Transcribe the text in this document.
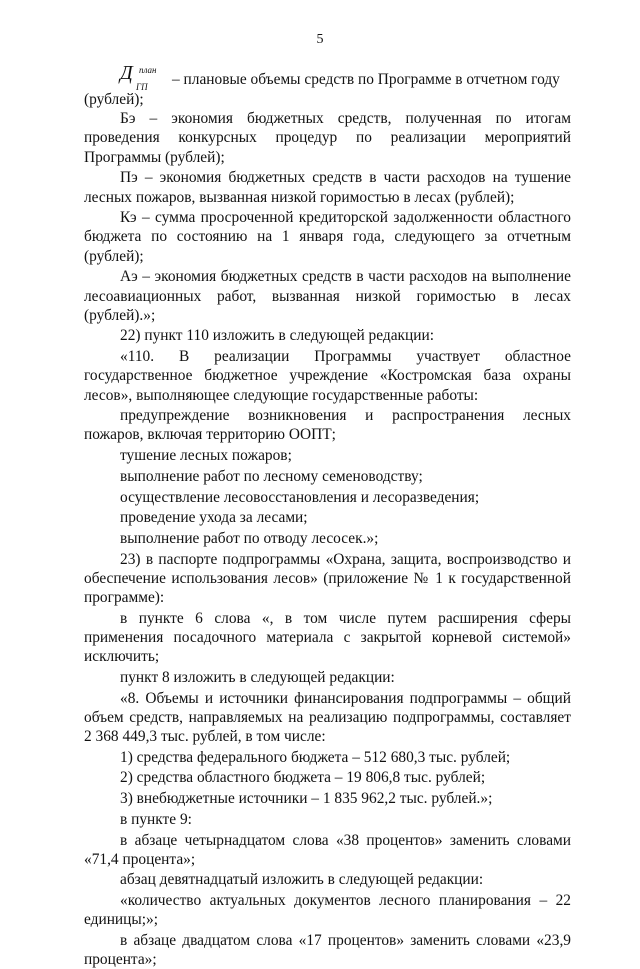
5
Д план
ГП – плановые объемы средств по Программе в отчетном году

(рублей);

Бэ – экономия бюджетных средств, полученная по итогам проведения конкурсных процедур по реализации мероприятий Программы (рублей);

Пэ – экономия бюджетных средств в части расходов на тушение лесных пожаров, вызванная низкой горимостью в лесах (рублей);

Кэ – сумма просроченной кредиторской задолженности областного бюджета по состоянию на 1 января года, следующего за отчетным (рублей);

Аэ – экономия бюджетных средств в части расходов на выполнение лесоавиационных работ, вызванная низкой горимостью в лесах (рублей).»;

22) пункт 110 изложить в следующей редакции:

«110. В реализации Программы участвует областное государственное бюджетное учреждение «Костромская база охраны лесов», выполняющее следующие государственные работы:

предупреждение возникновения и распространения лесных пожаров, включая территорию ООПТ;

тушение лесных пожаров;

выполнение работ по лесному семеноводству;

осуществление лесовосстановления и лесоразведения;

проведение ухода за лесами;

выполнение работ по отводу лесосек.»;

23) в паспорте подпрограммы «Охрана, защита, воспроизводство и обеспечение использования лесов» (приложение № 1 к государственной программе):

в пункте 6 слова «, в том числе путем расширения сферы применения посадочного материала с закрытой корневой системой» исключить;

пункт 8 изложить в следующей редакции:

«8. Объемы и источники финансирования подпрограммы – общий объем средств, направляемых на реализацию подпрограммы, составляет 2 368 449,3 тыс. рублей, в том числе:

1) средства федерального бюджета – 512 680,3 тыс. рублей;

2) средства областного бюджета – 19 806,8 тыс. рублей;

3) внебюджетные источники – 1 835 962,2 тыс. рублей.»;

в пункте 9:

в абзаце четырнадцатом слова «38 процентов» заменить словами «71,4 процента»;

абзац девятнадцатый изложить в следующей редакции:

«количество актуальных документов лесного планирования – 22 единицы;»;

в абзаце двадцатом слова «17 процентов» заменить словами «23,9 процента»;
